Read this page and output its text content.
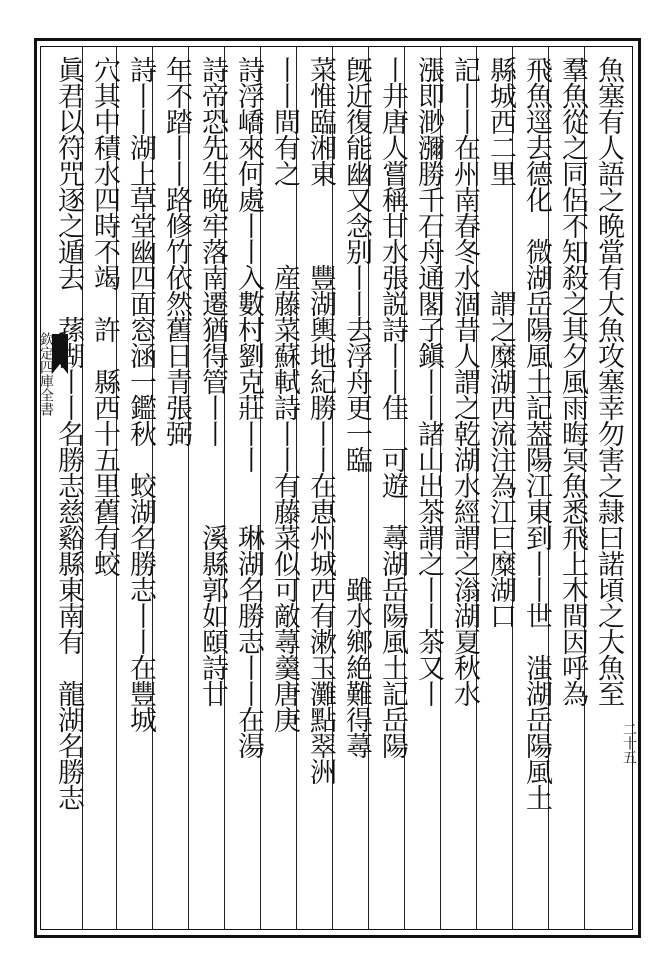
欽定四庫全書
二十五
魚塞有人語之晩當有大魚攻塞幸勿害之隷曰諾頃之大魚至
羣魚從之同侶不知殺之其夕風雨晦冥魚悉飛上木間因呼為
飛魚逕去德化　微湖岳陽風土記葢陽江東到丨丨世　滍湖岳陽風土
縣城西二里　　　　謂之糜湖西流注為江曰糜湖口
記丨丨在州南春冬水涸昔人謂之乾湖水經謂之滃湖夏秋水
漲即渺瀰勝千石舟通閣子鎭丨丨諸山出茶謂之丨丨茶又丨
丨井唐人嘗稱甘水張説詩丨丨佳　可遊　蕁湖岳陽風土記岳陽
旣近復能幽又念别丨丨去浮舟更一臨　　　　雖水鄉絶難得蕁
菜惟臨湘東　　　豐湖輿地紀勝丨丨在恵州城西有漱玉灘點翠洲
丨丨間有之　　　産藤菜蘇軾詩丨丨有藤菜似可敵蕁羹唐庚
詩浮嶠來何處丨丨入數村劉克莊丨丨　　琳湖名勝志丨丨在湯
詩帝恐先生晩牢落南遷猶得管丨丨　　　溪縣郭如頤詩廿
年不踏丨丨路修竹依然舊日青張弼　　　　　
詩丨丨湖上草堂幽四面窓涵一鑑秋　蛟湖名勝志丨丨在豐城
穴其中積水四時不竭　許　縣西十五里舊有蛟
眞君以符咒逐之遁去　蓀湖丨丨名勝志慈谿縣東南有　龍湖名勝志
